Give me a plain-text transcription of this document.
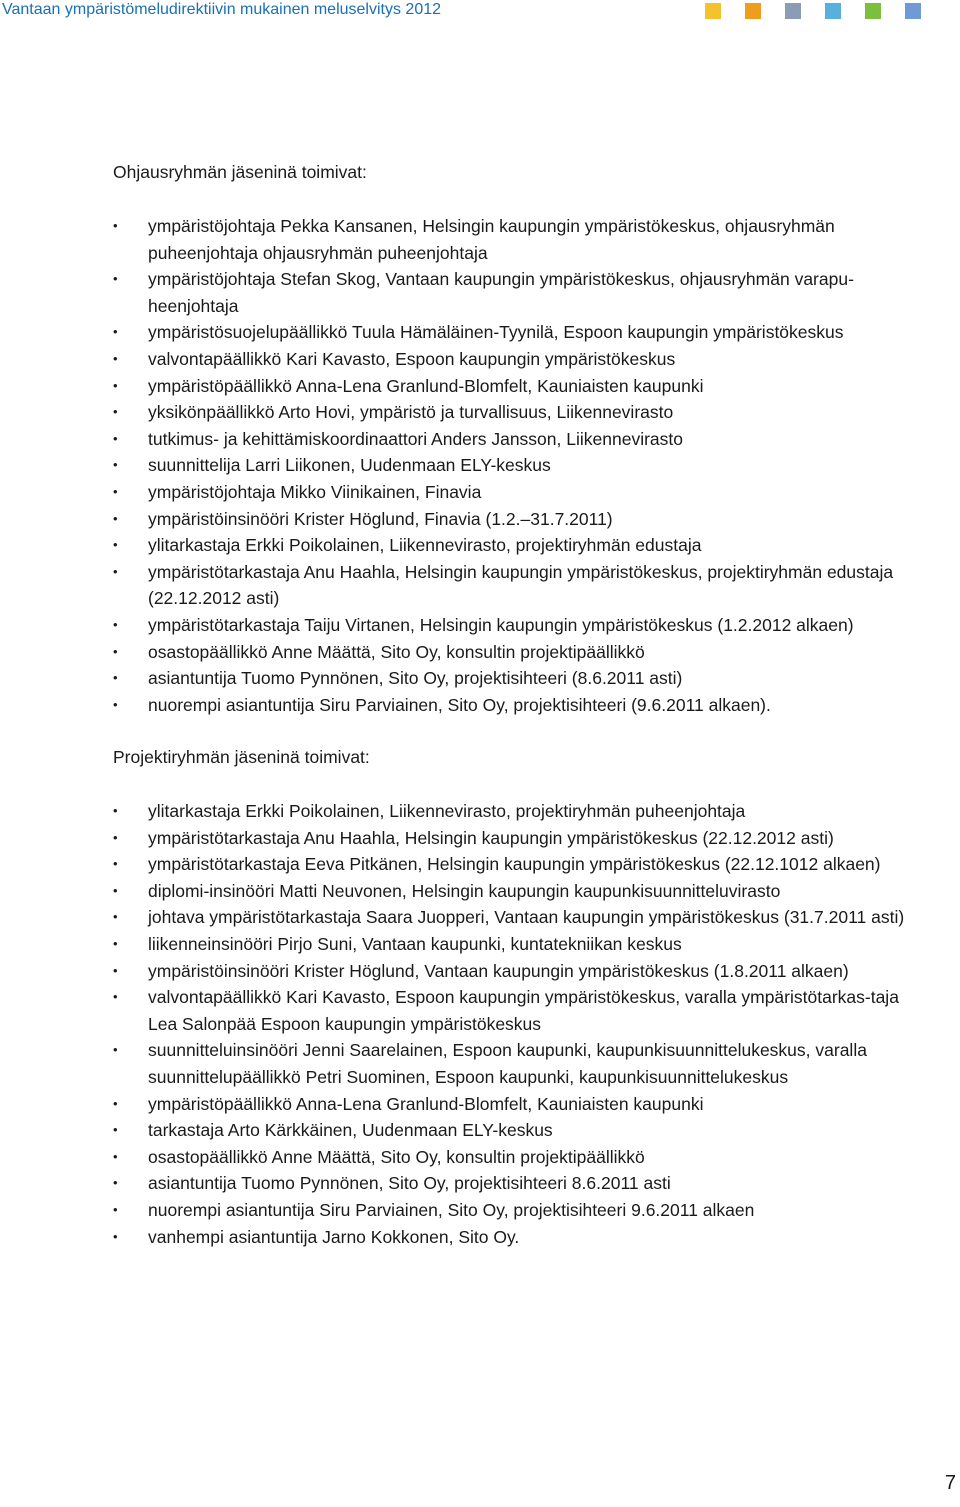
Vantaan ympäristömeludirektiivin mukainen meluselvitys 2012
Ohjausryhmän jäseninä toimivat:
• ympäristöjohtaja Pekka Kansanen, Helsingin kaupungin ympäristökeskus, ohjausryhmän puheenjohtaja ohjausryhmän puheenjohtaja
• ympäristöjohtaja Stefan Skog, Vantaan kaupungin ympäristökeskus, ohjausryhmän varapu-heenjohtaja
• ympäristösuojelupäällikkö Tuula Hämäläinen-Tyynilä, Espoon kaupungin ympäristökeskus
• valvontapäällikkö Kari Kavasto, Espoon kaupungin ympäristökeskus
• ympäristöpäällikkö Anna-Lena Granlund-Blomfelt, Kauniaisten kaupunki
• yksikönpäällikkö Arto Hovi, ympäristö ja turvallisuus, Liikennevirasto
• tutkimus- ja kehittämiskoordinaattori Anders Jansson, Liikennevirasto
• suunnittelija Larri Liikonen, Uudenmaan ELY-keskus
• ympäristöjohtaja Mikko Viinikainen, Finavia
• ympäristöinsinööri Krister Höglund, Finavia (1.2.–31.7.2011)
• ylitarkastaja Erkki Poikolainen, Liikennevirasto, projektiryhmän edustaja
• ympäristötarkastaja Anu Haahla, Helsingin kaupungin ympäristökeskus, projektiryhmän edustaja (22.12.2012 asti)
• ympäristötarkastaja Taiju Virtanen, Helsingin kaupungin ympäristökeskus (1.2.2012 alkaen)
• osastopäällikkö Anne Määttä, Sito Oy, konsultin projektipäällikkö
• asiantuntija Tuomo Pynnönen, Sito Oy, projektisihteeri (8.6.2011 asti)
• nuorempi asiantuntija Siru Parviainen, Sito Oy, projektisihteeri (9.6.2011 alkaen).
Projektiryhmän jäseninä toimivat:
• ylitarkastaja Erkki Poikolainen, Liikennevirasto, projektiryhmän puheenjohtaja
• ympäristötarkastaja Anu Haahla, Helsingin kaupungin ympäristökeskus (22.12.2012 asti)
• ympäristötarkastaja Eeva Pitkänen, Helsingin kaupungin ympäristökeskus (22.12.1012 alkaen)
• diplomi-insinööri Matti Neuvonen, Helsingin kaupungin kaupunkisuunnitteluvirasto
• johtava ympäristötarkastaja Saara Juopperi, Vantaan kaupungin ympäristökeskus (31.7.2011 asti)
• liikenneinsinööri Pirjo Suni, Vantaan kaupunki, kuntatekniikan keskus
• ympäristöinsinööri Krister Höglund, Vantaan kaupungin ympäristökeskus (1.8.2011 alkaen)
• valvontapäällikkö Kari Kavasto, Espoon kaupungin ympäristökeskus, varalla ympäristötarkas-taja Lea Salonpää Espoon kaupungin ympäristökeskus
• suunnitteluinsinööri Jenni Saarelainen, Espoon kaupunki, kaupunkisuunnittelukeskus, varalla suunnittelupäällikkö Petri Suominen, Espoon kaupunki, kaupunkisuunnittelukeskus
• ympäristöpäällikkö Anna-Lena Granlund-Blomfelt, Kauniaisten kaupunki
• tarkastaja Arto Kärkkäinen, Uudenmaan ELY-keskus
• osastopäällikkö Anne Määttä, Sito Oy, konsultin projektipäällikkö
• asiantuntija Tuomo Pynnönen, Sito Oy, projektisihteeri 8.6.2011 asti
• nuorempi asiantuntija Siru Parviainen, Sito Oy, projektisihteeri 9.6.2011 alkaen
• vanhempi asiantuntija Jarno Kokkonen, Sito Oy.
7
